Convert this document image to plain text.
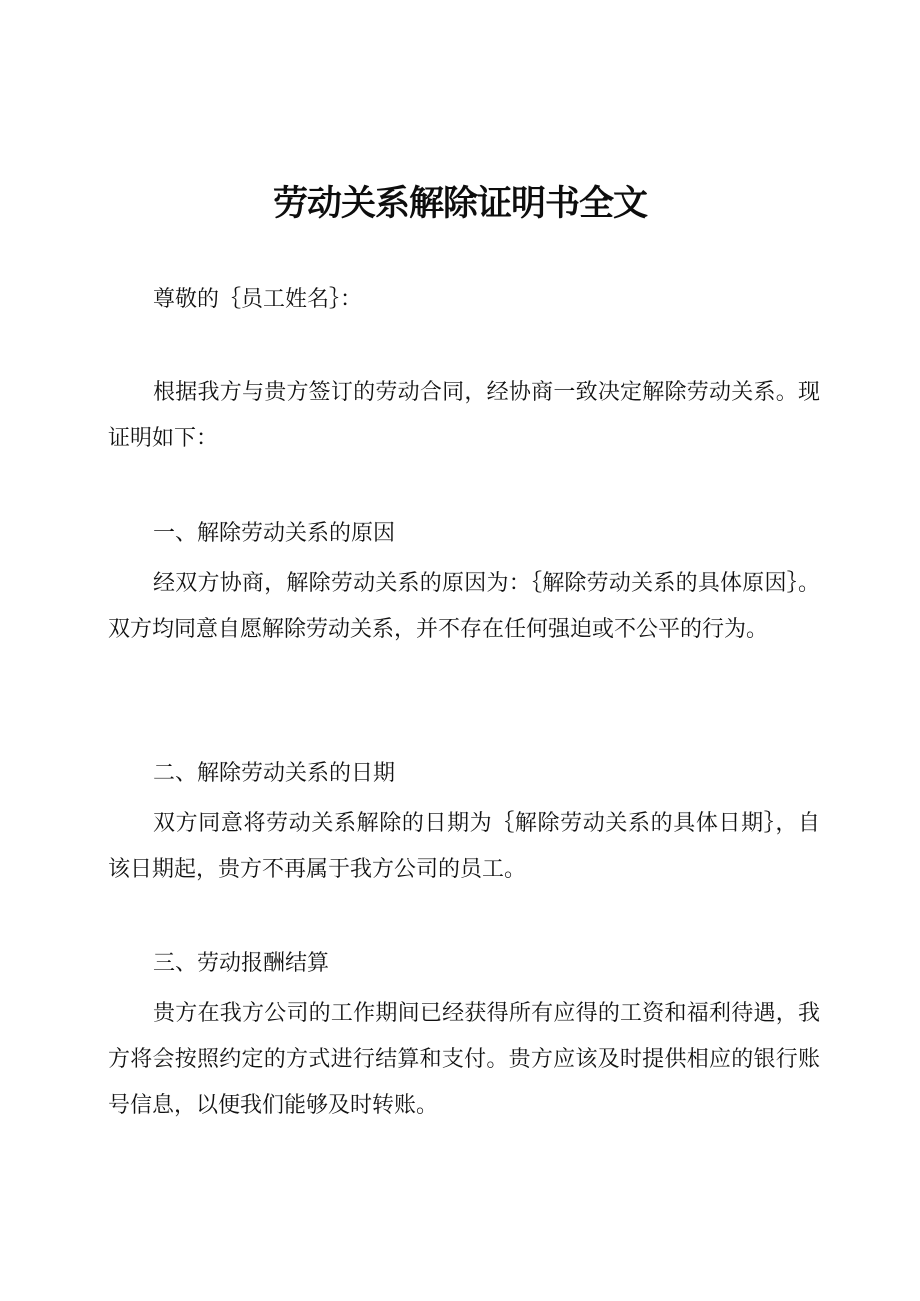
劳动关系解除证明书全文

尊敬的｛员工姓名｝：

根据我方与贵方签订的劳动合同，经协商一致决定解除劳动关系。现证明如下：

一、解除劳动关系的原因

经双方协商，解除劳动关系的原因为：｛解除劳动关系的具体原因｝。双方均同意自愿解除劳动关系，并不存在任何强迫或不公平的行为。

二、解除劳动关系的日期

双方同意将劳动关系解除的日期为｛解除劳动关系的具体日期｝，自该日期起，贵方不再属于我方公司的员工。

三、劳动报酬结算

贵方在我方公司的工作期间已经获得所有应得的工资和福利待遇，我方将会按照约定的方式进行结算和支付。贵方应该及时提供相应的银行账号信息，以便我们能够及时转账。
